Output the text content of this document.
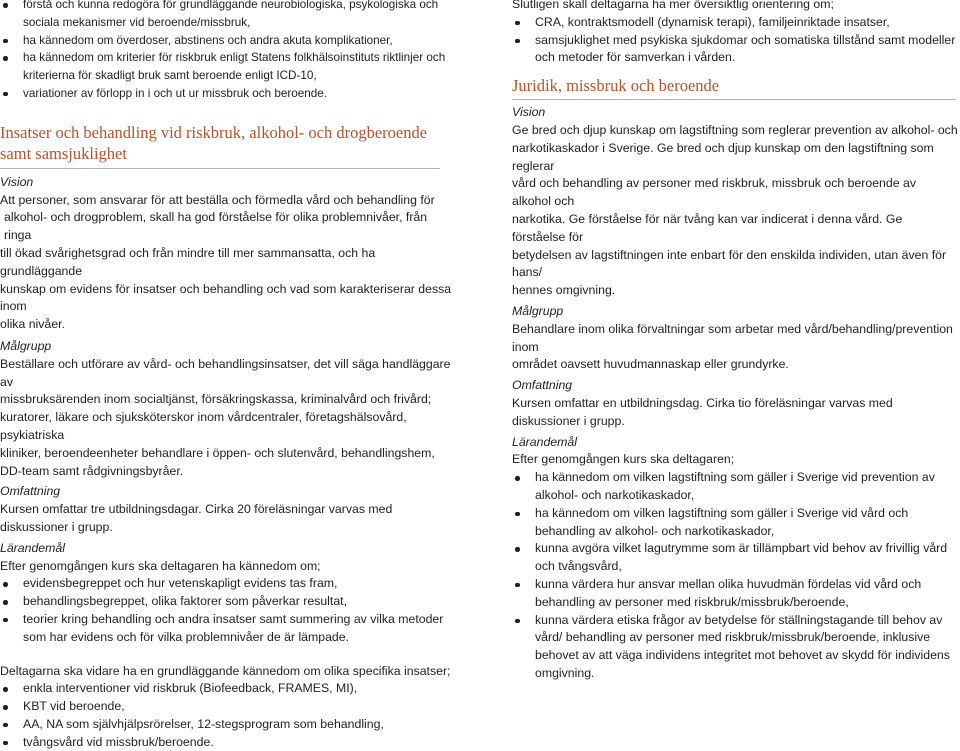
förstå och kunna redogöra för grundläggande neurobiologiska, psykologiska och sociala mekanismer vid beroende/missbruk,
ha kännedom om överdoser, abstinens och andra akuta komplikationer,
ha kännedom om kriterier för riskbruk enligt Statens folkhälsoinstituts riktlinjer och kriterierna för skadligt bruk samt beroende enligt ICD-10,
variationer av förlopp in i och ut ur missbruk och beroende.
Insatser och behandling vid riskbruk, alkohol- och drogberoende samt samsjuklighet

Vision

Att personer, som ansvarar för att beställa och förmedla vård och behandling för

alkohol- och drogproblem, skall ha god förståelse för olika problemnivåer, från ringa

till ökad svårighetsgrad och från mindre till mer sammansatta, och ha grundläggande

kunskap om evidens för insatser och behandling och vad som karakteriserar dessa inom

olika nivåer.

Målgrupp

Beställare och utförare av vård- och behandlingsinsatser, det vill säga handläggare av

missbruksärenden inom socialtjänst, försäkringskassa, kriminalvård och frivård;

kuratorer, läkare och sjuksköterskor inom vårdcentraler, företagshälsovård, psykiatriska

kliniker, beroendeenheter behandlare i öppen- och slutenvård, behandlingshem,

DD-team samt rådgivningsbyråer.

Omfattning

Kursen omfattar tre utbildningsdagar. Cirka 20 föreläsningar varvas med diskussioner i grupp.

Lärandemål

Efter genomgången kurs ska deltagaren ha kännedom om;

evidensbegreppet och hur vetenskapligt evidens tas fram,
behandlingsbegreppet, olika faktorer som påverkar resultat,
teorier kring behandling och andra insatser samt summering av vilka metoder som har evidens och för vilka problemnivåer de är lämpade.

Deltagarna ska vidare ha en grundläggande kännedom om olika specifika insatser;

enkla interventioner vid riskbruk (Biofeedback, FRAMES, MI),
KBT vid beroende,
AA, NA som självhjälpsrörelser, 12-stegsprogram som behandling,
tvångsvård vid missbruk/beroende.

Slutligen skall deltagarna ha mer översiktlig orientering om;

CRA, kontraktsmodell (dynamisk terapi), familjeinriktade insatser,
samsjuklighet med psykiska sjukdomar och somatiska tillstånd samt modeller och metoder för samverkan i vården.
Juridik, missbruk och beroende

Vision

Ge bred och djup kunskap om lagstiftning som reglerar prevention av alkohol- och

narkotikaskador i Sverige. Ge bred och djup kunskap om den lagstiftning som reglerar

vård och behandling av personer med riskbruk, missbruk och beroende av alkohol och

narkotika. Ge förståelse för när tvång kan var indicerat i denna vård. Ge förståelse för

betydelsen av lagstiftningen inte enbart för den enskilda individen, utan även för hans/

hennes omgivning.

Målgrupp

Behandlare inom olika förvaltningar som arbetar med vård/behandling/prevention inom

området oavsett huvudmannaskap eller grundyrke.

Omfattning

Kursen omfattar en utbildningsdag. Cirka tio föreläsningar varvas med diskussioner i grupp.

Lärandemål

Efter genomgången kurs ska deltagaren;

ha kännedom om vilken lagstiftning som gäller i Sverige vid prevention av alkohol- och narkotikaskador,
ha kännedom om vilken lagstiftning som gäller i Sverige vid vård och behandling av alkohol- och narkotikaskador,
kunna avgöra vilket lagutrymme som är tillämpbart vid behov av frivillig vård och tvångsvård,
kunna värdera hur ansvar mellan olika huvudmän fördelas vid vård och behandling av personer med riskbruk/missbruk/beroende,
kunna värdera etiska frågor av betydelse för ställningstagande till behov av vård/ behandling av personer med riskbruk/missbruk/beroende, inklusive behovet av att väga individens integritet mot behovet av skydd för individens omgivning.
